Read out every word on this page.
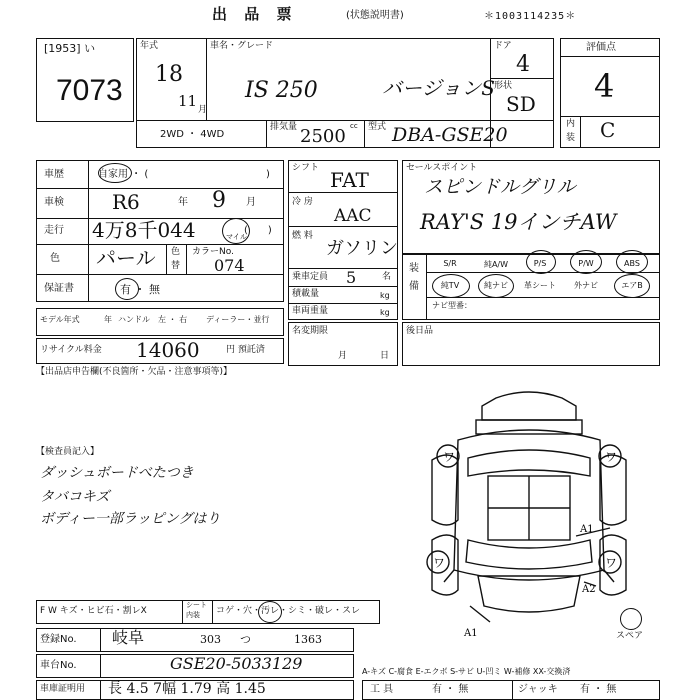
出 品 票	(状態説明書)	＊1003114235＊
[1953] い
7073
年式
18
11 月
車名・グレード
IS 250	バージョンS
ドア
4
形状
SD
2WD ・ 4WD
排気量	cc
2500 型式 DBA-GSE20
評価点
4
内
装 C
車歴	自家用 ・ (	)
車検 R6	年 9 月
走行 4万8千044	マイル
(　　)
色 パール 色
替
カラーNo.
074
保証書	有 ・ 無
シフト FAT
冷 房
AAC
燃 料
ガソリン
乗車定員 5	名
積載量	kg
車両重量	kg
セールスポイント
スピンドルグリル
RAY'S 19インチAW
装
備
S/R	純A/W	P/S	P/W	ABS
純TV	純ナビ	革シート	外ナビ	エアB
ナビ型番：
モデル年式	年 ハンドル　左 ・ 右 ディーラー・並行
名変期限
月	日
後日品
リサイクル料金 14060	円 預託済
【出品店申告欄(不良箇所・欠品・注意事項等)】
【検査員記入】
ダッシュボードべたつき
タバコキズ
ボディー一部ラッピングはり
ワ	ワ
ワ	ワ
A1
A2
A1	スペア
F W キズ・ヒビ石・割レX
シート
内装 コゲ・穴・汚レ・シミ・破レ・スレ
登録No. 岐阜	303 つ	1363
車台No.	GSE20-5033129
車庫証明用 長 4.5 7幅 1.79 高 1.45
A-キズ C-腐食 E-エクボ S-サビ U-凹ミ W-補修 XX-交換済
工 具	有 ・ 無	ジャッキ 有 ・ 無
